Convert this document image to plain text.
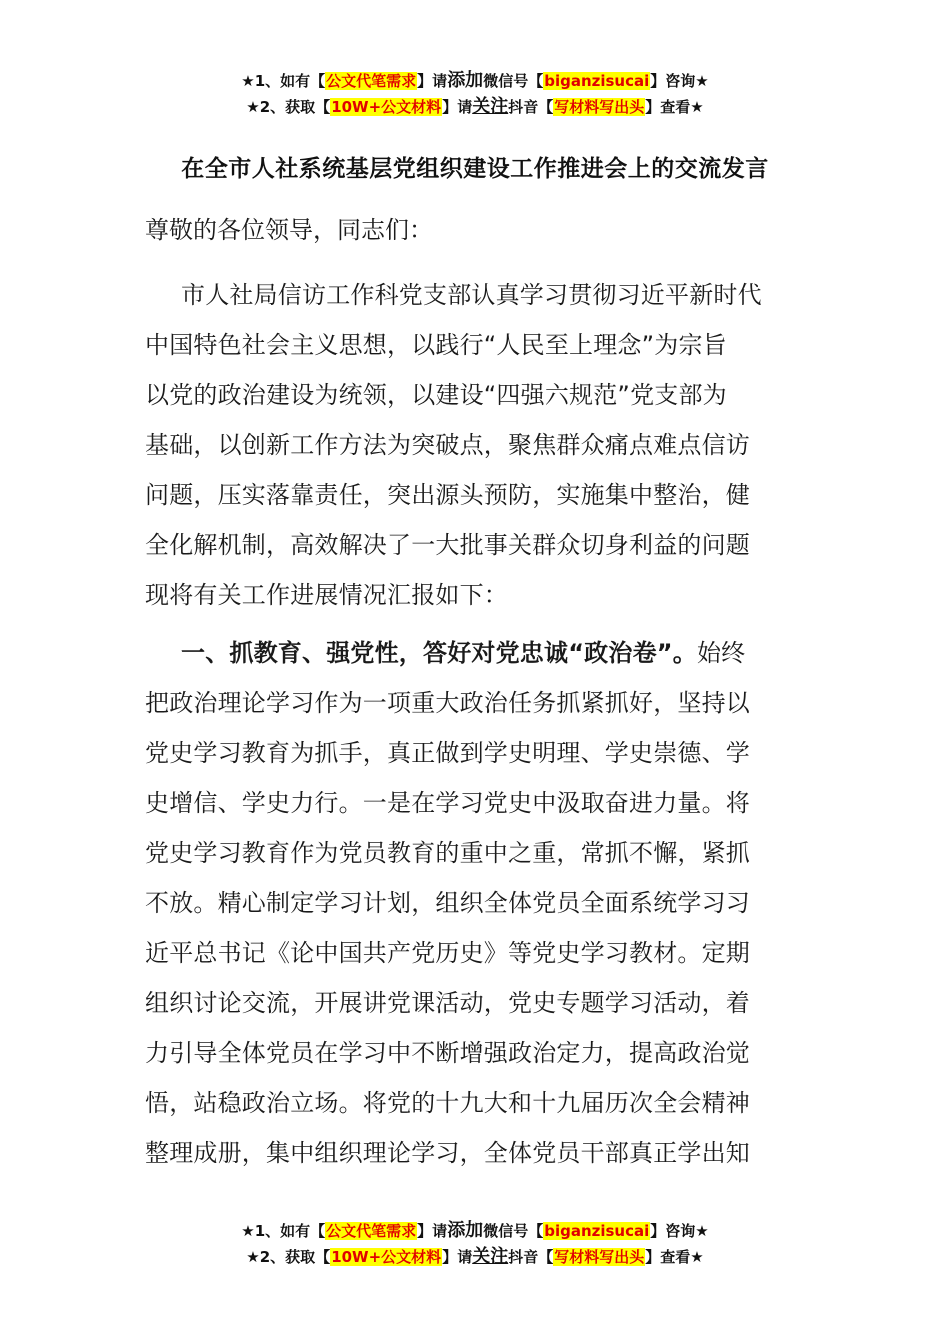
★1、如有【公文代笔需求】请添加微信号【biganzisucai】咨询★
★2、获取【10W+公文材料】请关注抖音【写材料写出头】查看★
在全市人社系统基层党组织建设工作推进会上的交流发言
尊敬的各位领导，同志们：
市人社局信访工作科党支部认真学习贯彻习近平新时代
中国特色社会主义思想，以践行“人民至上理念”为宗旨
以党的政治建设为统领，以建设“四强六规范”党支部为
基础，以创新工作方法为突破点，聚焦群众痛点难点信访
问题，压实落靠责任，突出源头预防，实施集中整治，健
全化解机制，高效解决了一大批事关群众切身利益的问题
现将有关工作进展情况汇报如下：
一、抓教育、强党性，答好对党忠诚“政治卷”。始终
把政治理论学习作为一项重大政治任务抓紧抓好，坚持以
党史学习教育为抓手，真正做到学史明理、学史崇德、学
史增信、学史力行。一是在学习党史中汲取奋进力量。将
党史学习教育作为党员教育的重中之重，常抓不懈，紧抓
不放。精心制定学习计划，组织全体党员全面系统学习习
近平总书记《论中国共产党历史》等党史学习教材。定期
组织讨论交流，开展讲党课活动，党史专题学习活动，着
力引导全体党员在学习中不断增强政治定力，提高政治觉
悟，站稳政治立场。将党的十九大和十九届历次全会精神
整理成册，集中组织理论学习，全体党员干部真正学出知
★1、如有【公文代笔需求】请添加微信号【biganzisucai】咨询★
★2、获取【10W+公文材料】请关注抖音【写材料写出头】查看★
